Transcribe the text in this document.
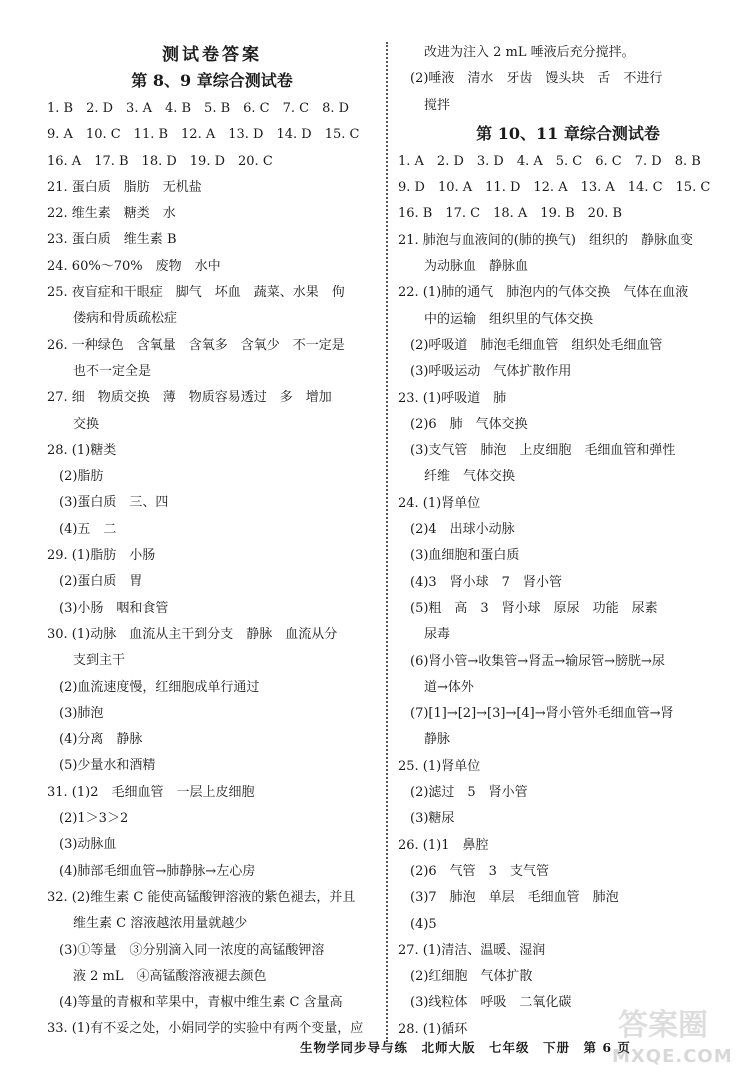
测试卷答案
第 8、9 章综合测试卷
1. B　2. D　3. A　4. B　5. B　6. C　7. C　8. D
9. A　10. C　11. B　12. A　13. D　14. D　15. C
16. A　17. B　18. D　19. D　20. C
21. 蛋白质　脂肪　无机盐
22. 维生素　糖类　水
23. 蛋白质　维生素 B
24. 60%～70%　废物　水中
25. 夜盲症和干眼症　脚气　坏血　蔬菜、水果　佝
偻病和骨质疏松症
26. 一种绿色　含氧量　含氧多　含氧少　不一定是
也不一定全是
27. 细　物质交换　薄　物质容易透过　多　增加
交换
28. (1)糖类
(2)脂肪
(3)蛋白质　三、四
(4)五　二
29. (1)脂肪　小肠
(2)蛋白质　胃
(3)小肠　咽和食管
30. (1)动脉　血流从主干到分支　静脉　血流从分
支到主干
(2)血流速度慢，红细胞成单行通过
(3)肺泡
(4)分离　静脉
(5)少量水和酒精
31. (1)2　毛细血管　一层上皮细胞
(2)1＞3＞2
(3)动脉血
(4)肺部毛细血管→肺静脉→左心房
32. (2)维生素 C 能使高锰酸钾溶液的紫色褪去，并且
维生素 C 溶液越浓用量就越少
(3)①等量　③分别滴入同一浓度的高锰酸钾溶
液 2 mL　④高锰酸溶液褪去颜色
(4)等量的青椒和苹果中，青椒中维生素 C 含量高
33. (1)有不妥之处，小娟同学的实验中有两个变量，应
改进为注入 2 mL 唾液后充分搅拌。
(2)唾液　清水　牙齿　馒头块　舌　不进行
搅拌
第 10、11 章综合测试卷
1. A　2. D　3. D　4. A　5. C　6. C　7. D　8. B
9. D　10. A　11. D　12. A　13. A　14. C　15. C
16. B　17. C　18. A　19. B　20. B
21. 肺泡与血液间的(肺的换气)　组织的　静脉血变
为动脉血　静脉血
22. (1)肺的通气　肺泡内的气体交换　气体在血液
中的运输　组织里的气体交换
(2)呼吸道　肺泡毛细血管　组织处毛细血管
(3)呼吸运动　气体扩散作用
23. (1)呼吸道　肺
(2)6　肺　气体交换
(3)支气管　肺泡　上皮细胞　毛细血管和弹性
纤维　气体交换
24. (1)肾单位
(2)4　出球小动脉
(3)血细胞和蛋白质
(4)3　肾小球　7　肾小管
(5)粗　高　3　肾小球　原尿　功能　尿素
尿毒
(6)肾小管→收集管→肾盂→输尿管→膀胱→尿
道→体外
(7)[1]→[2]→[3]→[4]→肾小管外毛细血管→肾
静脉
25. (1)肾单位
(2)滤过　5　肾小管
(3)糖尿
26. (1)1　鼻腔
(2)6　气管　3　支气管
(3)7　肺泡　单层　毛细血管　肺泡
(4)5
27. (1)清洁、温暖、湿润
(2)红细胞　气体扩散
(3)线粒体　呼吸　二氧化碳
28. (1)循环
生物学同步导与练　北师大版　七年级　下册　第 6 页
答案圈
MXQE.COM
